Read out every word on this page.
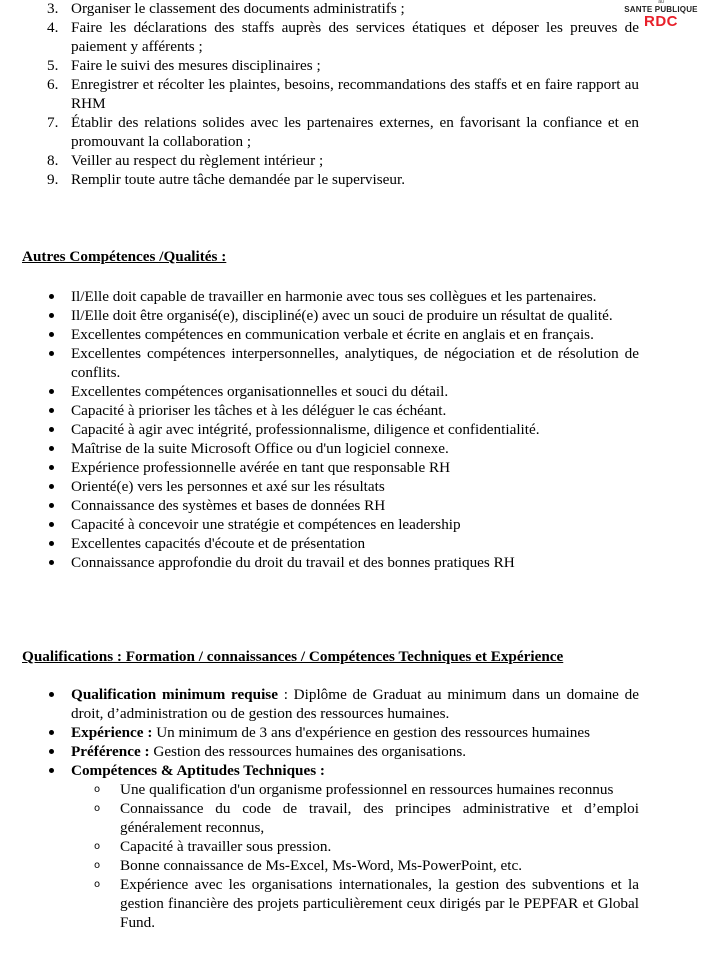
au
SANTE PUBLIQUE
RDC
3. Organiser le classement des documents administratifs ;
4. Faire les déclarations des staffs auprès des services étatiques et déposer les preuves de paiement y afférents ;
5. Faire le suivi des mesures disciplinaires ;
6. Enregistrer et récolter les plaintes, besoins, recommandations des staffs et en faire rapport au RHM
7. Établir des relations solides avec les partenaires externes, en favorisant la confiance et en promouvant la collaboration ;
8. Veiller au respect du règlement intérieur ;
9. Remplir toute autre tâche demandée par le superviseur.
Autres Compétences /Qualités :
Il/Elle doit capable de travailler en harmonie avec tous ses collègues et les partenaires.
Il/Elle doit être organisé(e), discipliné(e) avec un souci de produire un résultat de qualité.
Excellentes compétences en communication verbale et écrite en anglais et en français.
Excellentes compétences interpersonnelles, analytiques, de négociation et de résolution de conflits.
Excellentes compétences organisationnelles et souci du détail.
Capacité à prioriser les tâches et à les déléguer le cas échéant.
Capacité à agir avec intégrité, professionnalisme, diligence et confidentialité.
Maîtrise de la suite Microsoft Office ou d'un logiciel connexe.
Expérience professionnelle avérée en tant que responsable RH
Orienté(e) vers les personnes et axé sur les résultats
Connaissance des systèmes et bases de données RH
Capacité à concevoir une stratégie et compétences en leadership
Excellentes capacités d'écoute et de présentation
Connaissance approfondie du droit du travail et des bonnes pratiques RH
Qualifications : Formation / connaissances / Compétences Techniques et Expérience
Qualification minimum requise : Diplôme de Graduat au minimum dans un domaine de droit, d’administration ou de gestion des ressources humaines.
Expérience : Un minimum de 3 ans d'expérience en gestion des ressources humaines
Préférence : Gestion des ressources humaines des organisations.
Compétences & Aptitudes Techniques :
o Une qualification d'un organisme professionnel en ressources humaines reconnus
o Connaissance du code de travail, des principes administrative et d’emploi généralement reconnus,
o Capacité à travailler sous pression.
o Bonne connaissance de Ms-Excel, Ms-Word, Ms-PowerPoint, etc.
o Expérience avec les organisations internationales, la gestion des subventions et la gestion financière des projets particulièrement ceux dirigés par le PEPFAR et Global Fund.
